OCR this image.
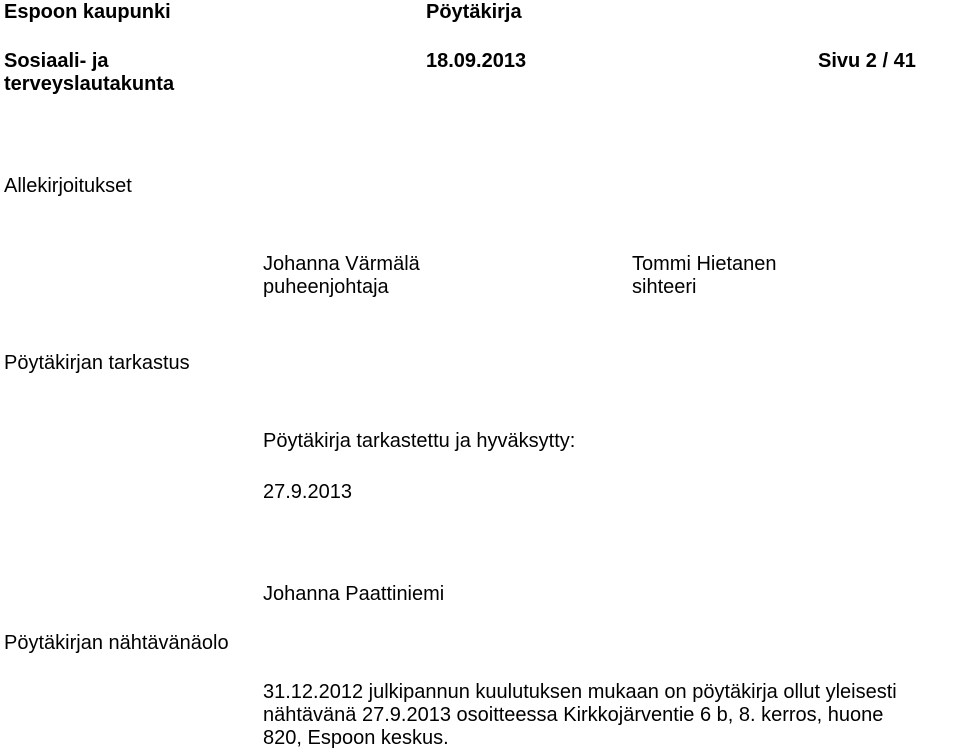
Espoon kaupunki	Pöytäkirja
Sosiaali- ja
terveyslautakunta
18.09.2013	Sivu 2 / 41
Allekirjoitukset
Johanna Värmälä
puheenjohtaja
Tommi Hietanen
sihteeri
Pöytäkirjan tarkastus
Pöytäkirja tarkastettu ja hyväksytty:
27.9.2013
Johanna Paattiniemi
Pöytäkirjan nähtävänäolo
31.12.2012 julkipannun kuulutuksen mukaan on pöytäkirja ollut yleisesti
nähtävänä 27.9.2013 osoitteessa Kirkkojärventie 6 b, 8. kerros, huone
820, Espoon keskus.
